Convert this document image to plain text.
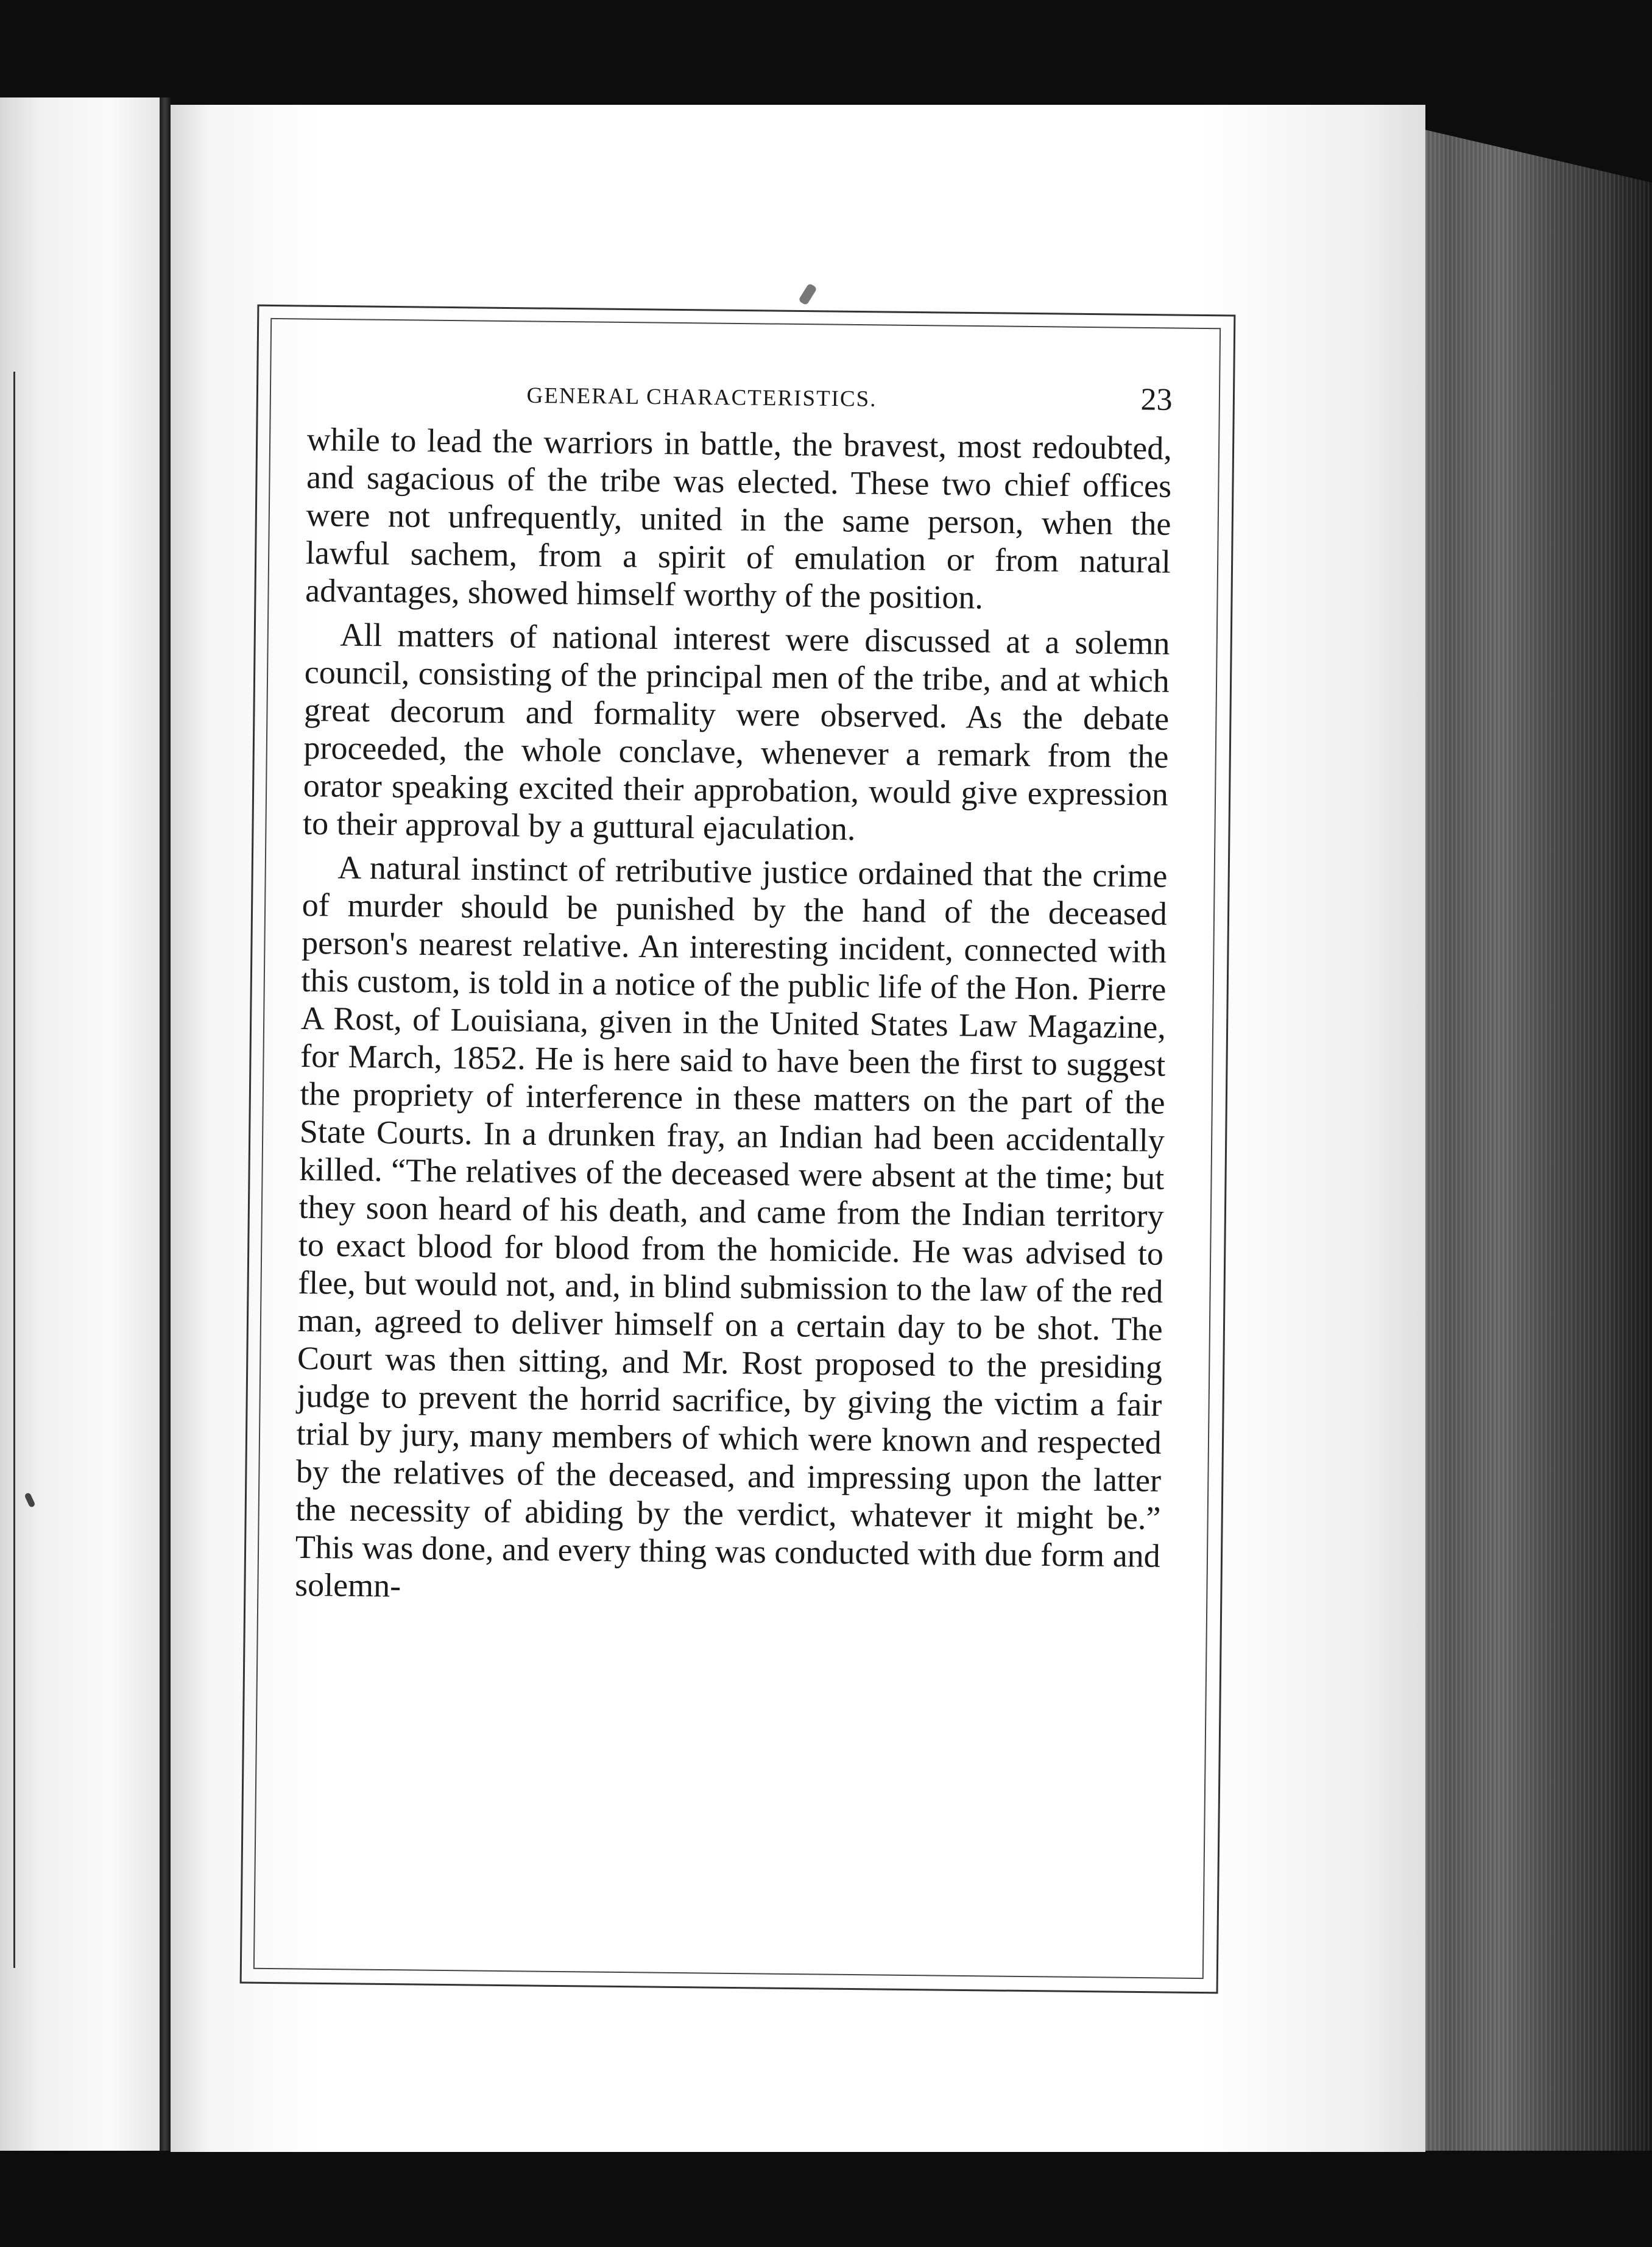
GENERAL CHARACTERISTICS.	23

while to lead the warriors in battle, the bravest, most redoubted, and sagacious of the tribe was elected. These two chief offices were not unfrequently, united in the same person, when the lawful sachem, from a spirit of emulation or from natural advantages, showed himself worthy of the position.

All matters of national interest were discussed at a solemn council, consisting of the principal men of the tribe, and at which great decorum and formality were observed. As the debate proceeded, the whole conclave, whenever a remark from the orator speaking excited their approbation, would give expression to their approval by a guttural ejaculation.

A natural instinct of retributive justice ordained that the crime of murder should be punished by the hand of the deceased person's nearest relative. An interesting incident, connected with this custom, is told in a notice of the public life of the Hon. Pierre A Rost, of Louisiana, given in the United States Law Magazine, for March, 1852. He is here said to have been the first to suggest the propriety of interference in these matters on the part of the State Courts. In a drunken fray, an Indian had been accidentally killed. “The relatives of the deceased were absent at the time; but they soon heard of his death, and came from the Indian territory to exact blood for blood from the homicide. He was advised to flee, but would not, and, in blind submission to the law of the red man, agreed to deliver himself on a certain day to be shot. The Court was then sitting, and Mr. Rost proposed to the presiding judge to prevent the horrid sacrifice, by giving the victim a fair trial by jury, many members of which were known and respected by the relatives of the deceased, and impressing upon the latter the necessity of abiding by the verdict, whatever it might be.” This was done, and every thing was conducted with due form and solemn-
